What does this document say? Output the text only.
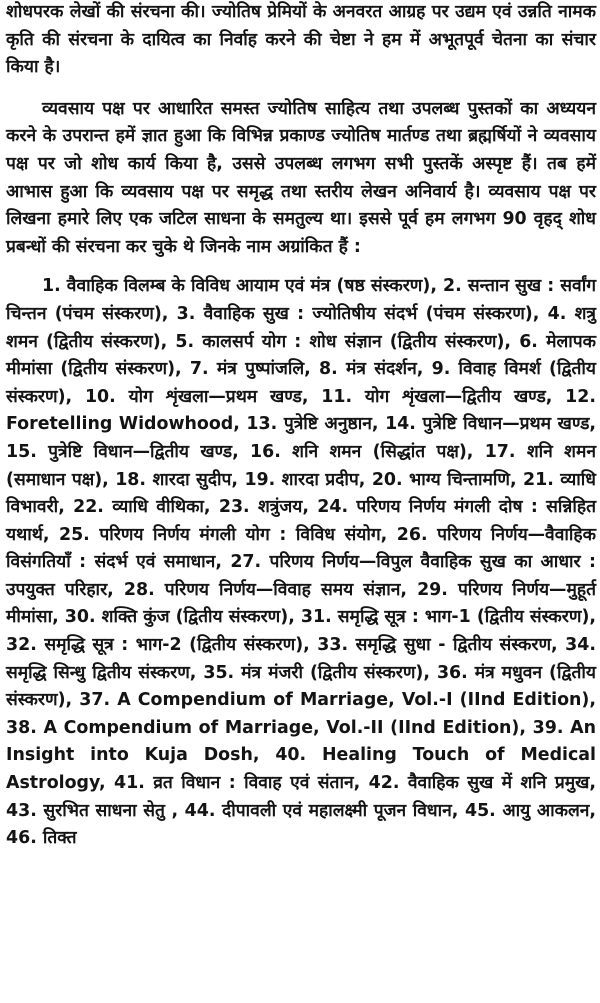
शोधपरक लेखों की संरचना की। ज्योतिष प्रेमियों के अनवरत आग्रह पर उद्यम एवं उन्नति नामक कृति की संरचना के दायित्व का निर्वाह करने की चेष्टा ने हम में अभूतपूर्व चेतना का संचार किया है।

व्यवसाय पक्ष पर आधारित समस्त ज्योतिष साहित्य तथा उपलब्ध पुस्तकों का अध्ययन करने के उपरान्त हमें ज्ञात हुआ कि विभिन्न प्रकाण्ड ज्योतिष मार्तण्ड तथा ब्रह्मर्षियों ने व्यवसाय पक्ष पर जो शोध कार्य किया है, उससे उपलब्ध लगभग सभी पुस्तकें अस्पृष्ट हैं। तब हमें आभास हुआ कि व्यवसाय पक्ष पर समृद्ध तथा स्तरीय लेखन अनिवार्य है। व्यवसाय पक्ष पर लिखना हमारे लिए एक जटिल साधना के समतुल्य था। इससे पूर्व हम लगभग 90 वृहद् शोध प्रबन्धों की संरचना कर चुके थे जिनके नाम अग्रांकित हैं :

1. वैवाहिक विलम्ब के विविध आयाम एवं मंत्र (षष्ठ संस्करण), 2. सन्तान सुख : सर्वांग चिन्तन (पंचम संस्करण), 3. वैवाहिक सुख : ज्योतिषीय संदर्भ (पंचम संस्करण), 4. शत्रु शमन (द्वितीय संस्करण), 5. कालसर्प योग : शोध संज्ञान (द्वितीय संस्करण), 6. मेलापक मीमांसा (द्वितीय संस्करण), 7. मंत्र पुष्पांजलि, 8. मंत्र संदर्शन, 9. विवाह विमर्श (द्वितीय संस्करण), 10. योग शृंखला—प्रथम खण्ड, 11. योग शृंखला—द्वितीय खण्ड, 12. Foretelling Widowhood, 13. पुत्रेष्टि अनुष्ठान, 14. पुत्रेष्टि विधान—प्रथम खण्ड, 15. पुत्रेष्टि विधान—द्वितीय खण्ड, 16. शनि शमन (सिद्धांत पक्ष), 17. शनि शमन (समाधान पक्ष), 18. शारदा सुदीप, 19. शारदा प्रदीप, 20. भाग्य चिन्तामणि, 21. व्याधि विभावरी, 22. व्याधि वीथिका, 23. शत्रुंजय, 24. परिणय निर्णय मंगली दोष : सन्निहित यथार्थ, 25. परिणय निर्णय मंगली योग : विविध संयोग, 26. परिणय निर्णय—वैवाहिक विसंगतियाँ : संदर्भ एवं समाधान, 27. परिणय निर्णय—विपुल वैवाहिक सुख का आधार : उपयुक्त परिहार, 28. परिणय निर्णय—विवाह समय संज्ञान, 29. परिणय निर्णय—मुहूर्त मीमांसा, 30. शक्ति कुंज (द्वितीय संस्करण), 31. समृद्धि सूत्र : भाग-1 (द्वितीय संस्करण), 32. समृद्धि सूत्र : भाग-2 (द्वितीय संस्करण), 33. समृद्धि सुधा - द्वितीय संस्करण, 34. समृद्धि सिन्धु द्वितीय संस्करण, 35. मंत्र मंजरी (द्वितीय संस्करण), 36. मंत्र मधुवन (द्वितीय संस्करण), 37. A Compendium of Marriage, Vol.-I (IInd Edition), 38. A Compendium of Marriage, Vol.-II (IInd Edition), 39. An Insight into Kuja Dosh, 40. Healing Touch of Medical Astrology, 41. व्रत विधान : विवाह एवं संतान, 42. वैवाहिक सुख में शनि प्रमुख, 43. सुरभित साधना सेतु , 44. दीपावली एवं महालक्ष्मी पूजन विधान, 45. आयु आकलन, 46. तिक्त
